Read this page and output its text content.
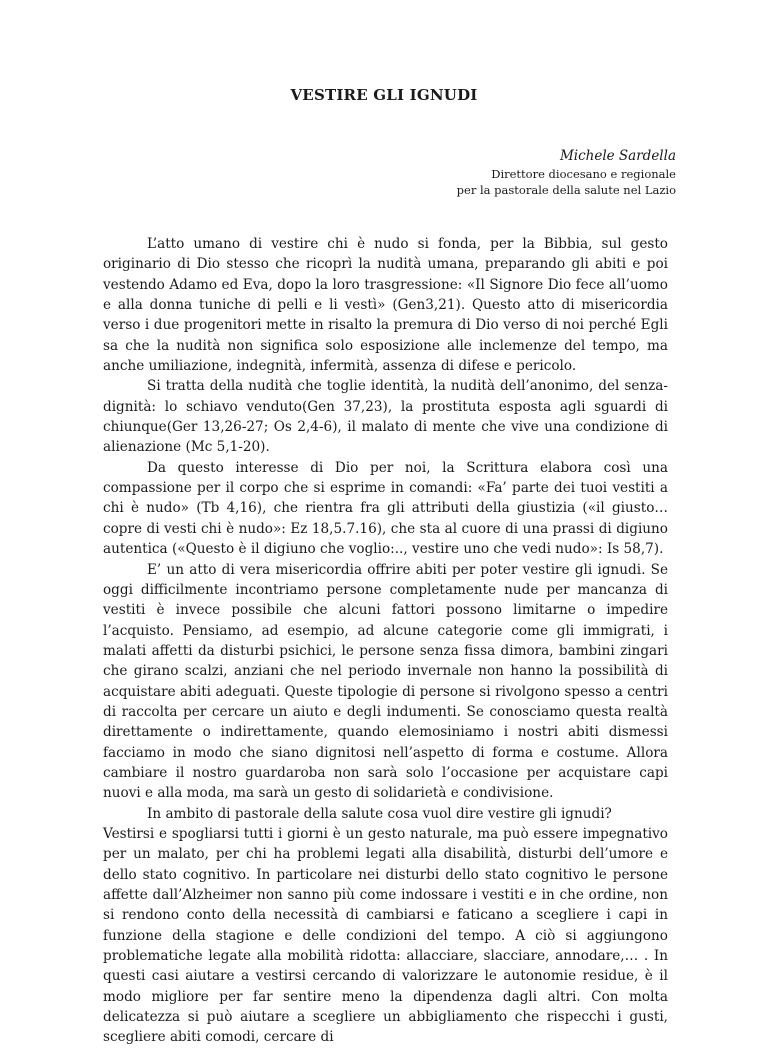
VESTIRE GLI IGNUDI
Michele Sardella
Direttore diocesano e regionale
per la pastorale della salute nel Lazio

L’atto umano di vestire chi è nudo si fonda, per la Bibbia, sul gesto originario di Dio stesso che ricoprì la nudità umana, preparando gli abiti e poi vestendo Adamo ed Eva, dopo la loro trasgressione: «Il Signore Dio fece all’uomo e alla donna tuniche di pelli e li vestì» (Gen3,21). Questo atto di misericordia verso i due progenitori mette in risalto la premura di Dio verso di noi perché Egli sa che la nudità non significa solo esposizione alle inclemenze del tempo, ma anche umiliazione, indegnità, infermità, assenza di difese e pericolo.

Si tratta della nudità che toglie identità, la nudità dell’anonimo, del senza-dignità: lo schiavo venduto(Gen 37,23), la prostituta esposta agli sguardi di chiunque(Ger 13,26-27; Os 2,4-6), il malato di mente che vive una condizione di alienazione (Mc 5,1-20).

Da questo interesse di Dio per noi, la Scrittura elabora così una compassione per il corpo che si esprime in comandi: «Fa’ parte dei tuoi vestiti a chi è nudo» (Tb 4,16), che rientra fra gli attributi della giustizia («il giusto… copre di vesti chi è nudo»: Ez 18,5.7.16), che sta al cuore di una prassi di digiuno autentica («Questo è il digiuno che voglio:.., vestire uno che vedi nudo»: Is 58,7).

E’ un atto di vera misericordia offrire abiti per poter vestire gli ignudi. Se oggi difficilmente incontriamo persone completamente nude per mancanza di vestiti è invece possibile che alcuni fattori possono limitarne o impedire l’acquisto. Pensiamo, ad esempio, ad alcune categorie come gli immigrati, i malati affetti da disturbi psichici, le persone senza fissa dimora, bambini zingari che girano scalzi, anziani che nel periodo invernale non hanno la possibilità di acquistare abiti adeguati. Queste tipologie di persone si rivolgono spesso a centri di raccolta per cercare un aiuto e degli indumenti. Se conosciamo questa realtà direttamente o indirettamente, quando elemosiniamo i nostri abiti dismessi facciamo in modo che siano dignitosi nell’aspetto di forma e costume. Allora cambiare il nostro guardaroba non sarà solo l’occasione per acquistare capi nuovi e alla moda, ma sarà un gesto di solidarietà e condivisione.

In ambito di pastorale della salute cosa vuol dire vestire gli ignudi?

Vestirsi e spogliarsi tutti i giorni è un gesto naturale, ma può essere impegnativo per un malato, per chi ha problemi legati alla disabilità, disturbi dell’umore e dello stato cognitivo. In particolare nei disturbi dello stato cognitivo le persone affette dall’Alzheimer non sanno più come indossare i vestiti e in che ordine, non si rendono conto della necessità di cambiarsi e faticano a scegliere i capi in funzione della stagione e delle condizioni del tempo. A ciò si aggiungono problematiche legate alla mobilità ridotta: allacciare, slacciare, annodare,… . In questi casi aiutare a vestirsi cercando di valorizzare le autonomie residue, è il modo migliore per far sentire meno la dipendenza dagli altri. Con molta delicatezza si può aiutare a scegliere un abbigliamento che rispecchi i gusti, scegliere abiti comodi, cercare di
